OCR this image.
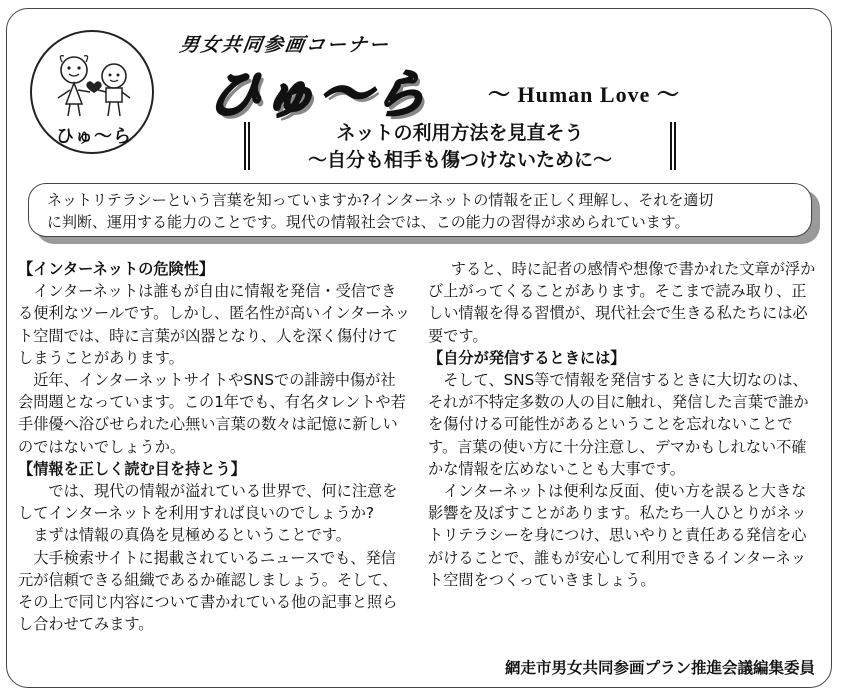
ひゅ～ら
男女共同参画コーナー
ひゅ～ら ～ Human Love ～
ネットの利用方法を見直そう
～自分も相手も傷つけないために～
ネットリテラシーという言葉を知っていますか?インターネットの情報を正しく理解し、それを適切
に判断、運用する能力のことです。現代の情報社会では、この能力の習得が求められています。

【インターネットの危険性】

インターネットは誰もが自由に情報を発信・受信できる便利なツールです。しかし、匿名性が高いインターネット空間では、時に言葉が凶器となり、人を深く傷付けてしまうことがあります。

近年、インターネットサイトやSNSでの誹謗中傷が社会問題となっています。この1年でも、有名タレントや若手俳優へ浴びせられた心無い言葉の数々は記憶に新しいのではないでしょうか。

【情報を正しく読む目を持とう】

では、現代の情報が溢れている世界で、何に注意をしてインターネットを利用すれば良いのでしょうか?

まずは情報の真偽を見極めるということです。

大手検索サイトに掲載されているニュースでも、発信元が信頼できる組織であるか確認しましょう。そして、その上で同じ内容について書かれている他の記事と照らし合わせてみます。

すると、時に記者の感情や想像で書かれた文章が浮かび上がってくることがあります。そこまで読み取り、正しい情報を得る習慣が、現代社会で生きる私たちには必要です。

【自分が発信するときには】

そして、SNS等で情報を発信するときに大切なのは、それが不特定多数の人の目に触れ、発信した言葉で誰かを傷付ける可能性があるということを忘れないことです。言葉の使い方に十分注意し、デマかもしれない不確かな情報を広めないことも大事です。

インターネットは便利な反面、使い方を誤ると大きな影響を及ぼすことがあります。私たち一人ひとりがネットリテラシーを身につけ、思いやりと責任ある発信を心がけることで、誰もが安心して利用できるインターネット空間をつくっていきましょう。

網走市男女共同参画プラン推進会議編集委員
